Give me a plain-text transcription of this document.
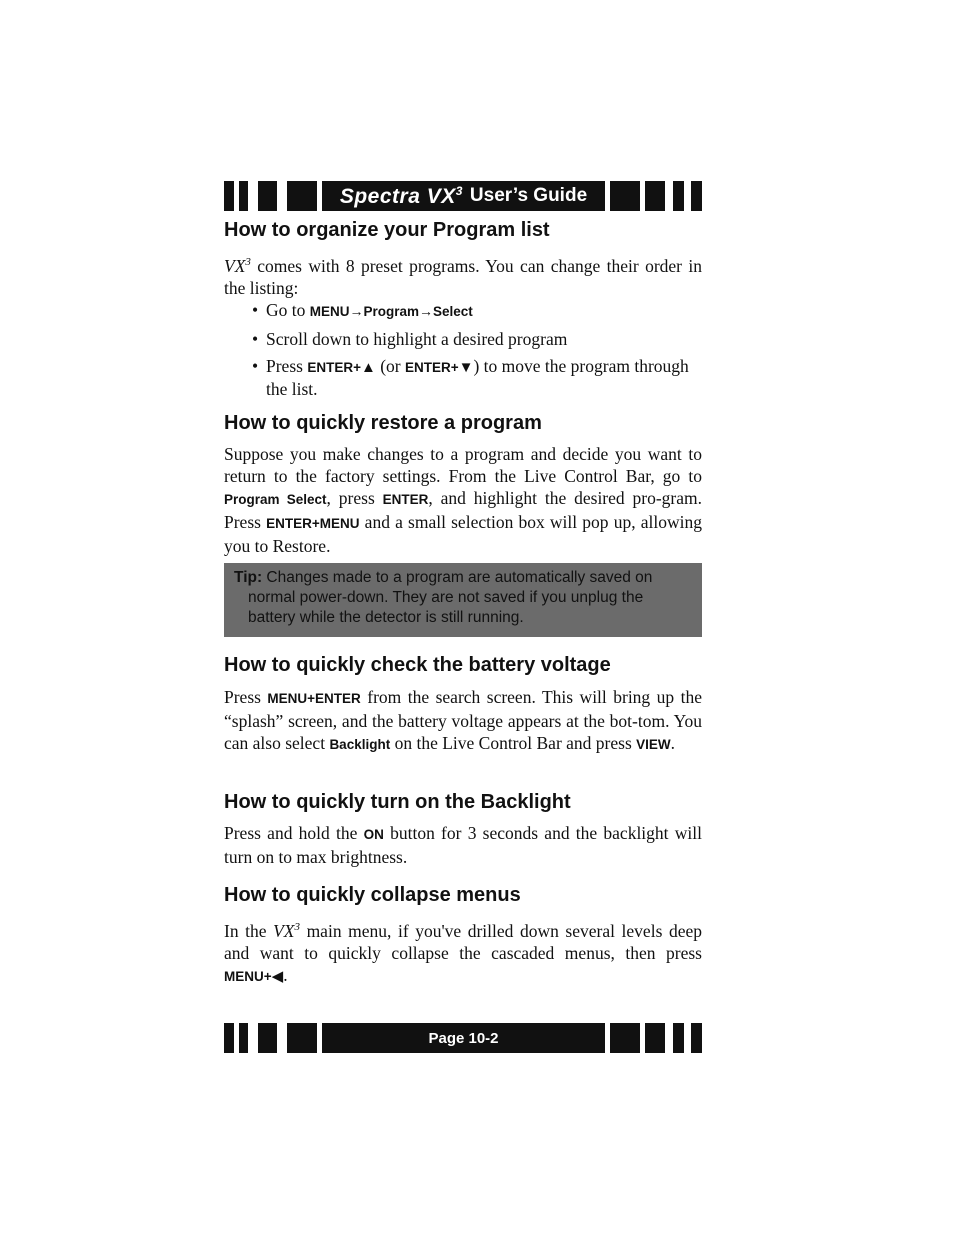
Spectra $VX^3$ User’s Guide
How to organize your Program list

$VX^3$ comes with 8 preset programs. You can change their order in the listing:

• Go to MENU→Program→Select
• Scroll down to highlight a desired program
• Press ENTER+▲ (or ENTER+▼) to move the program through the list.
How to quickly restore a program

Suppose you make changes to a program and decide you want to return to the factory settings. From the Live Control Bar, go to Program Select, press ENTER, and highlight the desired pro-gram. Press ENTER+MENU and a small selection box will pop up, allowing you to Restore.

Tip: Changes made to a program are automatically saved on
normal power-down. They are not saved if you unplug the
battery while the detector is still running.
How to quickly check the battery voltage

Press MENU+ENTER from the search screen. This will bring up the “splash” screen, and the battery voltage appears at the bot-tom. You can also select Backlight on the Live Control Bar and press VIEW.

How to quickly turn on the Backlight

Press and hold the ON button for 3 seconds and the backlight will turn on to max brightness.

How to quickly collapse menus

In the $VX^3$ main menu, if you've drilled down several levels deep and want to quickly collapse the cascaded menus, then press MENU+◀.

Page 10-2
